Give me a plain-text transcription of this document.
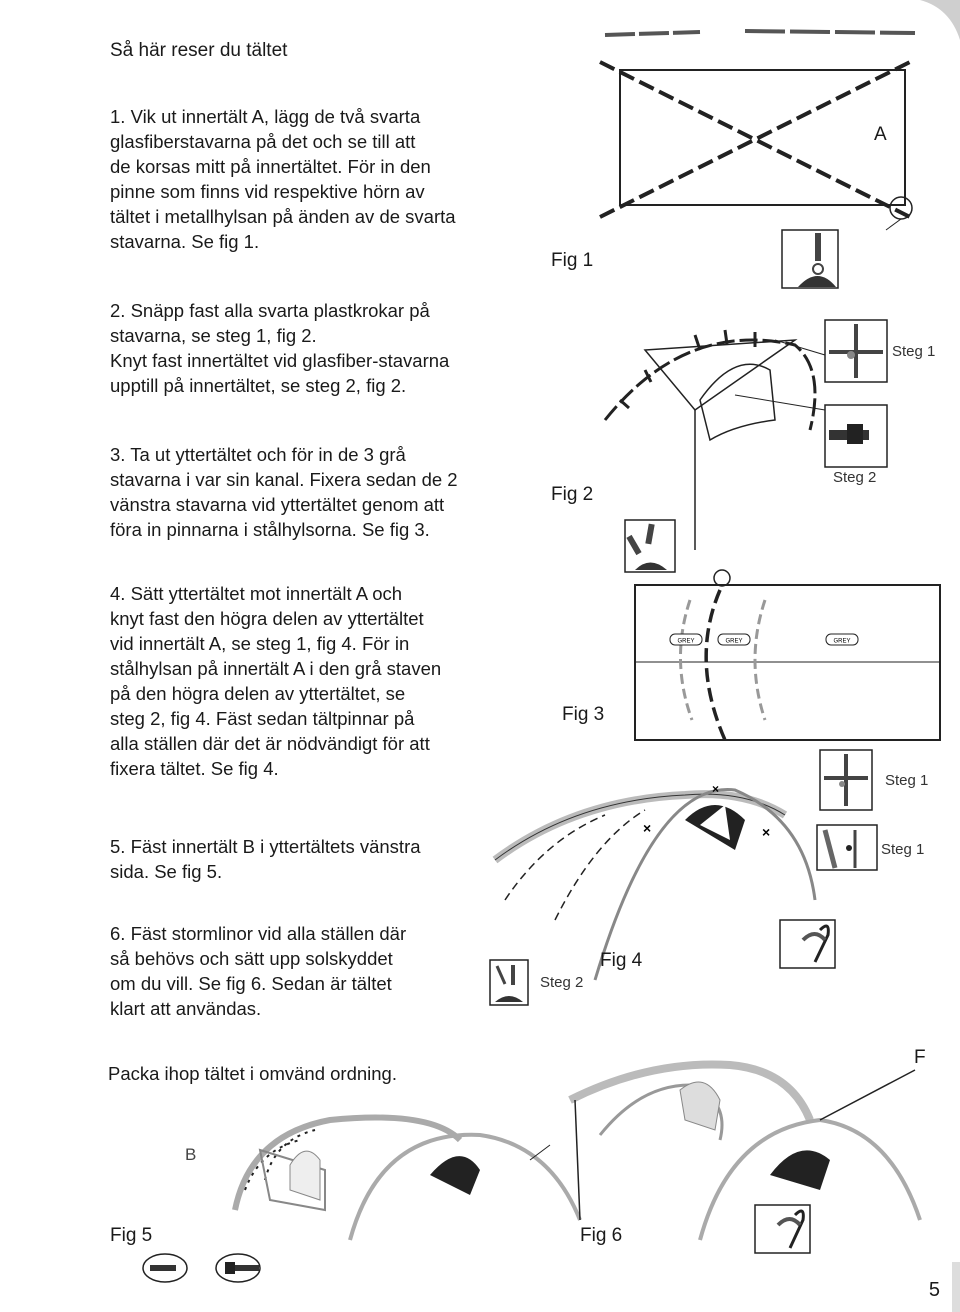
Så här reser du tältet
1. Vik ut innertält A, lägg de två svarta
glasfiberstavarna på det och se till att
de korsas mitt på innertältet. För in den
pinne som finns vid respektive hörn av
tältet i metallhylsan på änden av de svarta
stavarna. Se fig 1.
2. Snäpp fast alla svarta plastkrokar på
stavarna, se steg 1, fig 2.
Knyt fast innertältet vid glasfiber-stavarna
upptill på innertältet, se steg 2, fig 2.
3. Ta ut yttertältet och för in de 3 grå
stavarna i var sin kanal. Fixera sedan de 2
vänstra stavarna vid yttertältet genom att
föra in pinnarna i stålhylsorna. Se fig 3.
4. Sätt yttertältet mot innertält A och
knyt fast den högra delen av yttertältet
vid innertält A, se steg 1, fig 4. För in
stålhylsan på innertält A i den grå staven
på den högra delen av yttertältet, se
steg 2, fig 4. Fäst sedan tältpinnar på
alla ställen där det är nödvändigt för att
fixera tältet. Se fig 4.
5. Fäst innertält B i yttertältets vänstra
sida. Se fig 5.
6. Fäst stormlinor vid alla ställen där
så behövs och sätt upp solskyddet
om du vill. Se fig 6. Sedan är tältet
klart att användas.
Packa ihop tältet i omvänd ordning.
A
Fig 1
Steg 1
Steg 2
Fig 2
GREY	GREY	GREY
Fig 3
Steg 1
×
×
×
Steg 1
Fig 4
Steg 2
B
F
Fig 5	Fig 6
5
